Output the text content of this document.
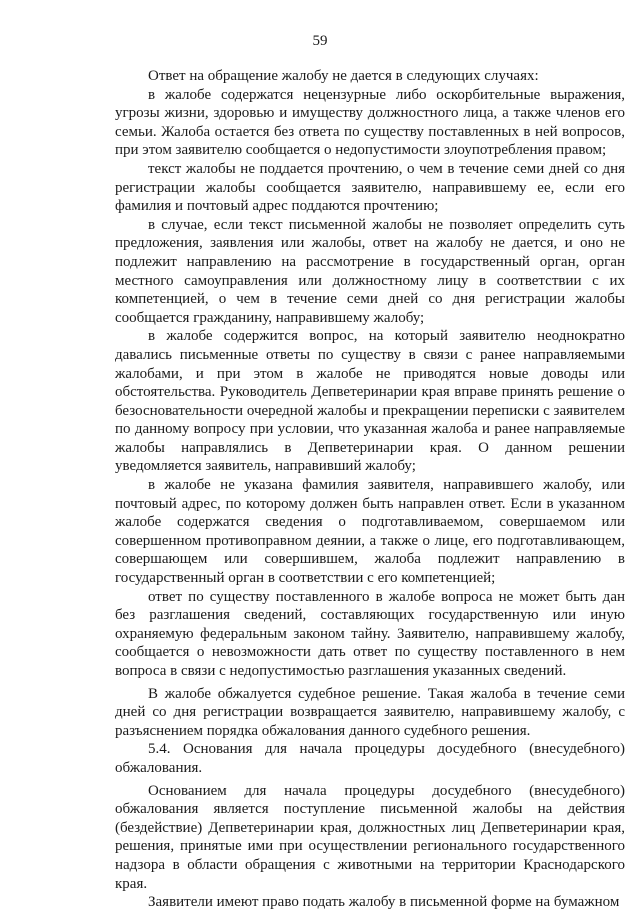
59

Ответ на обращение жалобу не дается в следующих случаях:

в жалобе содержатся нецензурные либо оскорбительные выражения, угрозы жизни, здоровью и имуществу должностного лица, а также членов его семьи. Жалоба остается без ответа по существу поставленных в ней вопросов, при этом заявителю сообщается о недопустимости злоупотребления правом;

текст жалобы не поддается прочтению, о чем в течение семи дней со дня регистрации жалобы сообщается заявителю, направившему ее, если его фамилия и почтовый адрес поддаются прочтению;

в случае, если текст письменной жалобы не позволяет определить суть предложения, заявления или жалобы, ответ на жалобу не дается, и оно не подлежит направлению на рассмотрение в государственный орган, орган местного самоуправления или должностному лицу в соответствии с их компетенцией, о чем в течение семи дней со дня регистрации жалобы сообщается гражданину, направившему жалобу;

в жалобе содержится вопрос, на который заявителю неоднократно давались письменные ответы по существу в связи с ранее направляемыми жалобами, и при этом в жалобе не приводятся новые доводы или обстоятельства. Руководитель Депветеринарии края вправе принять решение о безосновательности очередной жалобы и прекращении переписки с заявителем по данному вопросу при условии, что указанная жалоба и ранее направляемые жалобы направлялись в Депветеринарии края. О данном решении уведомляется заявитель, направивший жалобу;

в жалобе не указана фамилия заявителя, направившего жалобу, или почтовый адрес, по которому должен быть направлен ответ. Если в указанном жалобе содержатся сведения о подготавливаемом, совершаемом или совершенном противоправном деянии, а также о лице, его подготавливающем, совершающем или совершившем, жалоба подлежит направлению в государственный орган в соответствии с его компетенцией;

ответ по существу поставленного в жалобе вопроса не может быть дан без разглашения сведений, составляющих государственную или иную охраняемую федеральным законом тайну. Заявителю, направившему жалобу, сообщается о невозможности дать ответ по существу поставленного в нем вопроса в связи с недопустимостью разглашения указанных сведений.

В жалобе обжалуется судебное решение. Такая жалоба в течение семи дней со дня регистрации возвращается заявителю, направившему жалобу, с разъяснением порядка обжалования данного судебного решения.

5.4. Основания для начала процедуры досудебного (внесудебного) обжалования.

Основанием для начала процедуры досудебного (внесудебного) обжалования является поступление письменной жалобы на действия (бездействие) Депветеринарии края, должностных лиц Депветеринарии края, решения, принятые ими при осуществлении регионального государственного надзора в области обращения с животными на территории Краснодарского края.

Заявители имеют право подать жалобу в письменной форме на бумажном
